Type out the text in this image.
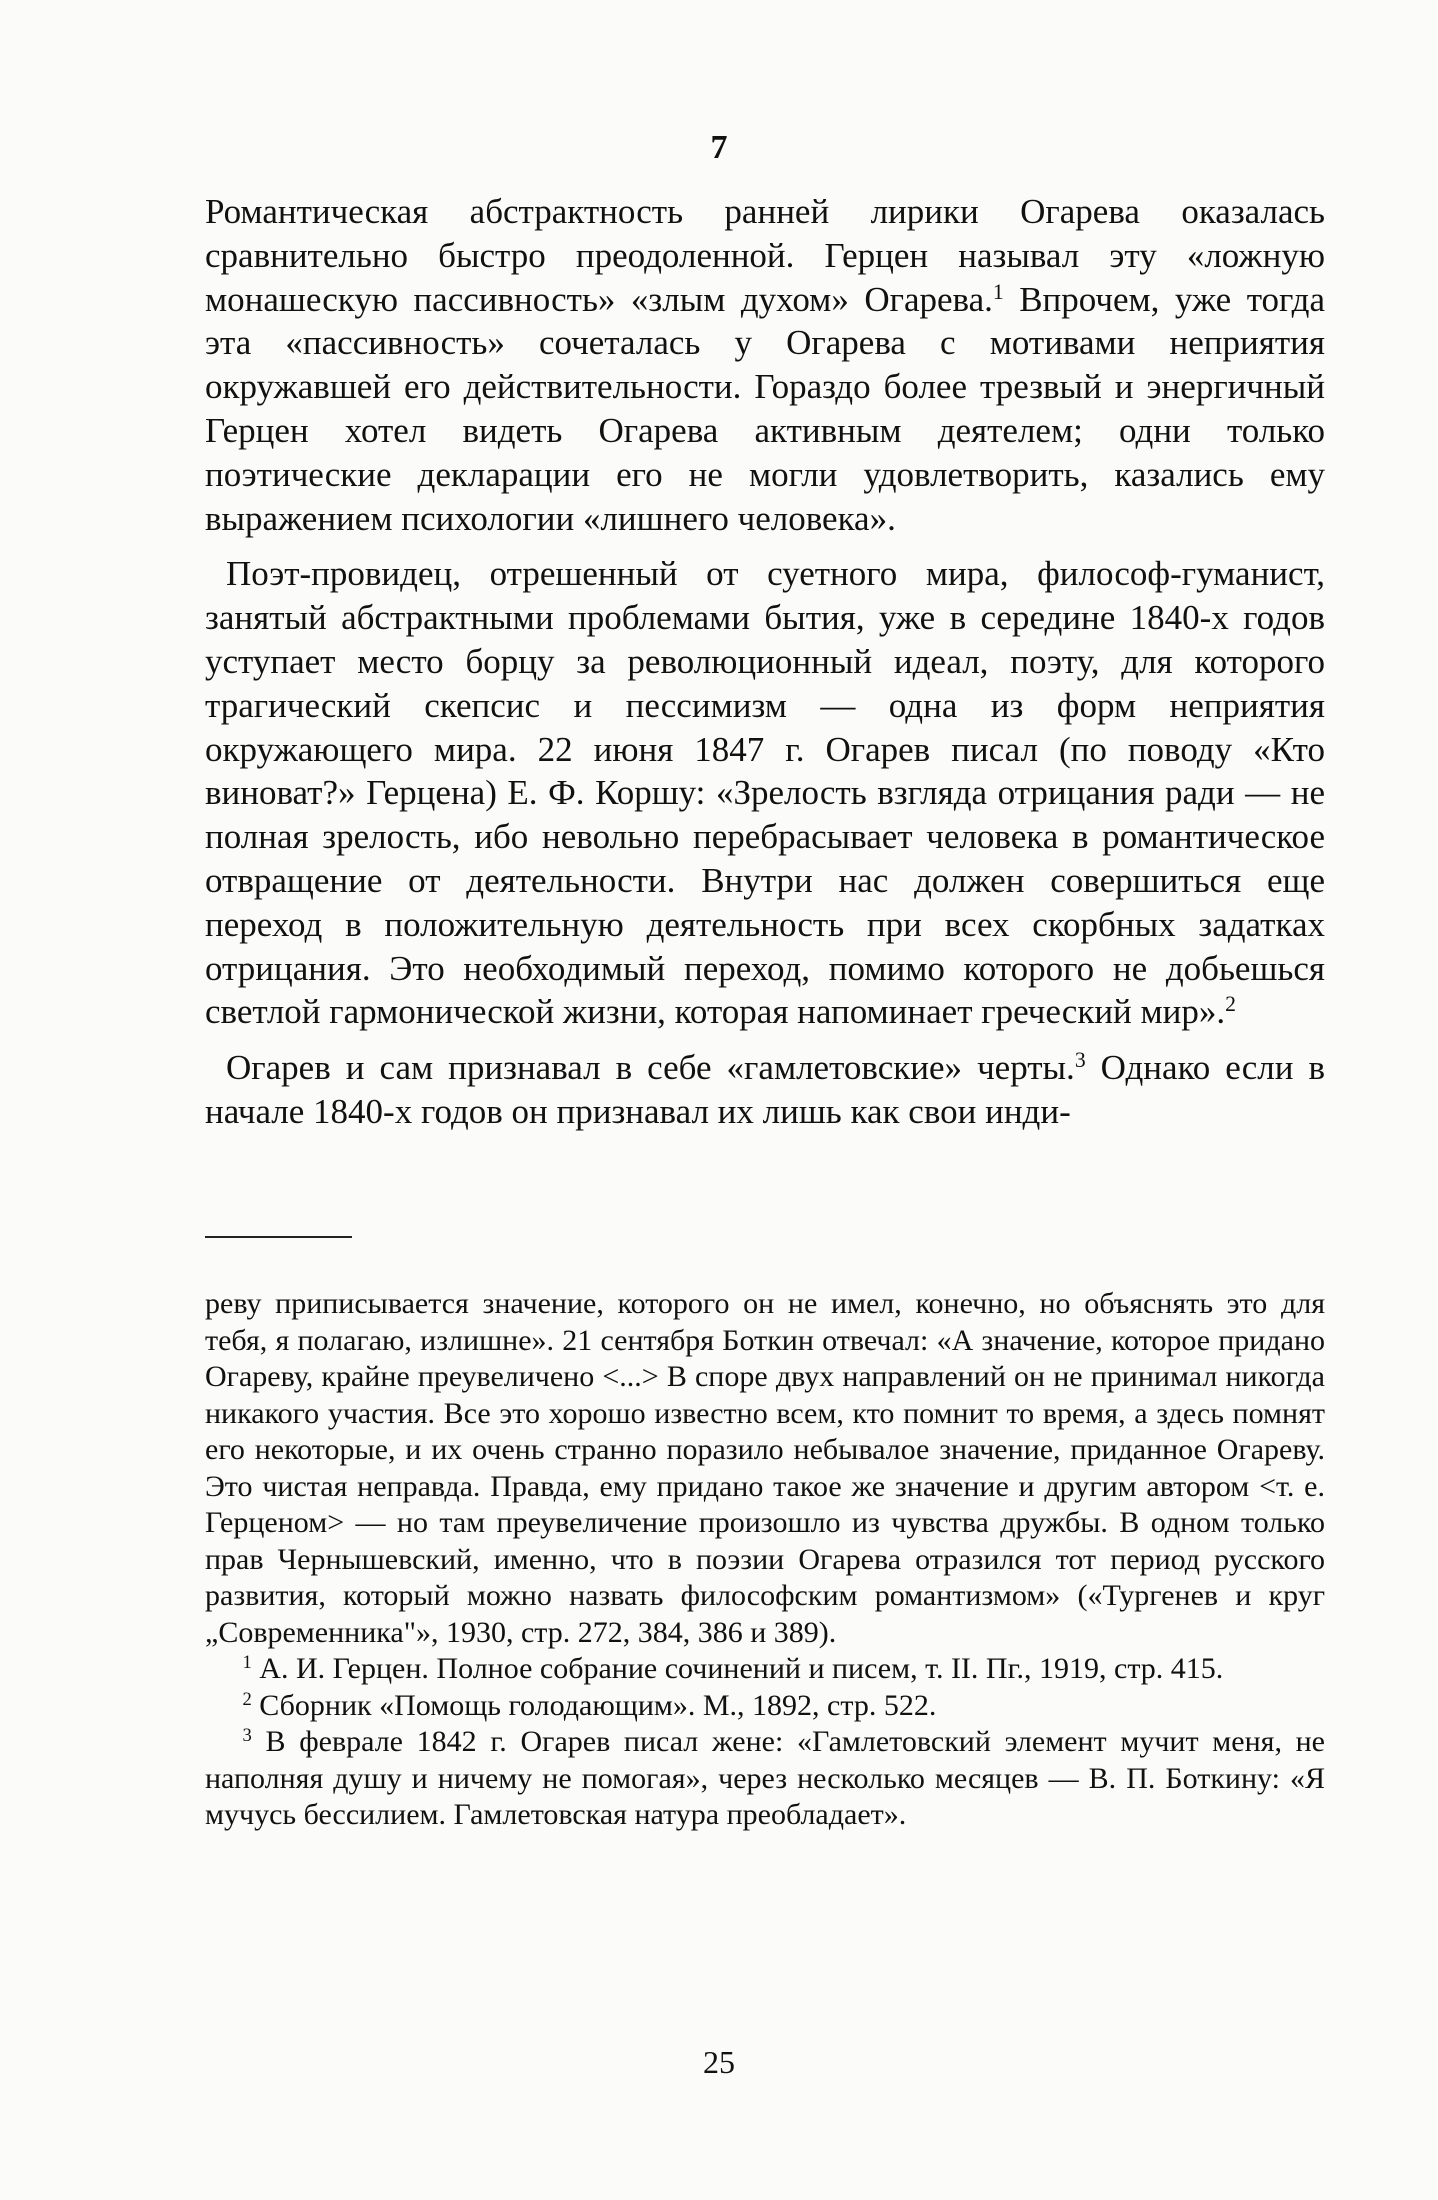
7

Романтическая абстрактность ранней лирики Огарева оказалась сравнительно быстро преодоленной. Герцен называл эту «ложную монашескую пассивность» «злым духом» Огарева.$^1$ Впрочем, уже тогда эта «пассивность» сочеталась у Огарева с мотивами неприятия окружавшей его действительности. Гораздо более трезвый и энергичный Герцен хотел видеть Огарева активным деятелем; одни только поэтические декларации его не могли удовлетворить, казались ему выражением психологии «лишнего человека».

Поэт-провидец, отрешенный от суетного мира, философ-гуманист, занятый абстрактными проблемами бытия, уже в середине 1840-х годов уступает место борцу за революционный идеал, поэту, для которого трагический скепсис и пессимизм — одна из форм неприятия окружающего мира. 22 июня 1847 г. Огарев писал (по поводу «Кто виноват?» Герцена) Е. Ф. Коршу: «Зрелость взгляда отрицания ради — не полная зрелость, ибо невольно перебрасывает человека в романтическое отвращение от деятельности. Внутри нас должен совершиться еще переход в положительную деятельность при всех скорбных задатках отрицания. Это необходимый переход, помимо которого не добьешься светлой гармонической жизни, которая напоминает греческий мир».$^2$

Огарев и сам признавал в себе «гамлетовские» черты.$^3$ Однако если в начале 1840-х годов он признавал их лишь как свои инди-

реву приписывается значение, которого он не имел, конечно, но объяснять это для тебя, я полагаю, излишне». 21 сентября Боткин отвечал: «А значение, которое придано Огареву, крайне преувеличено <...> В споре двух направлений он не принимал никогда никакого участия. Все это хорошо известно всем, кто помнит то время, а здесь помнят его некоторые, и их очень странно поразило небывалое значение, приданное Огареву. Это чистая неправда. Правда, ему придано такое же значение и другим автором <т. е. Герценом> — но там преувеличение произошло из чувства дружбы. В одном только прав Чернышевский, именно, что в поэзии Огарева отразился тот период русского развития, который можно назвать философским романтизмом» («Тургенев и круг „Современника"», 1930, стр. 272, 384, 386 и 389).

$^1$ А. И. Герцен. Полное собрание сочинений и писем, т. II. Пг., 1919, стр. 415.

$^2$ Сборник «Помощь голодающим». М., 1892, стр. 522.

$^3$ В феврале 1842 г. Огарев писал жене: «Гамлетовский элемент мучит меня, не наполняя душу и ничему не помогая», через несколько месяцев — В. П. Боткину: «Я мучусь бессилием. Гамлетовская натура преобладает».

25
